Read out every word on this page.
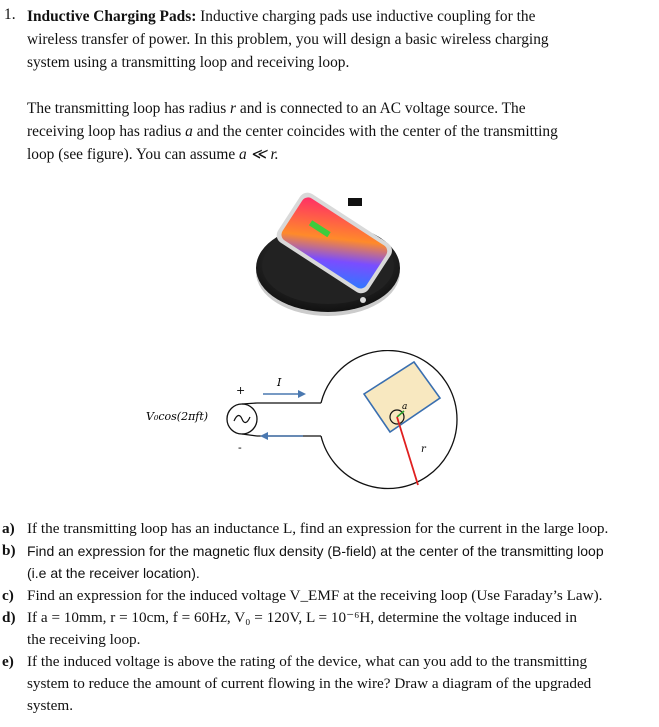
1. Inductive Charging Pads: Inductive charging pads use inductive coupling for the
wireless transfer of power. In this problem, you will design a basic wireless charging
system using a transmitting loop and receiving loop.
The transmitting loop has radius r and is connected to an AC voltage source. The
receiving loop has radius a and the center coincides with the center of the transmitting
loop (see figure). You can assume a ≪ r.
+
-
V₀cos(2πft)
I
a
r
a) If the transmitting loop has an inductance L, find an expression for the current in the large loop.
b) Find an expression for the magnetic flux density (B-field) at the center of the transmitting loop
(i.e at the receiver location).
c) Find an expression for the induced voltage V_EMF at the receiving loop (Use Faraday’s Law).
d) If a = 10mm, r = 10cm, f = 60Hz, V₀ = 120V, L = 10⁻⁶H, determine the voltage induced in
the receiving loop.
e) If the induced voltage is above the rating of the device, what can you add to the transmitting
system to reduce the amount of current flowing in the wire? Draw a diagram of the upgraded
system.
